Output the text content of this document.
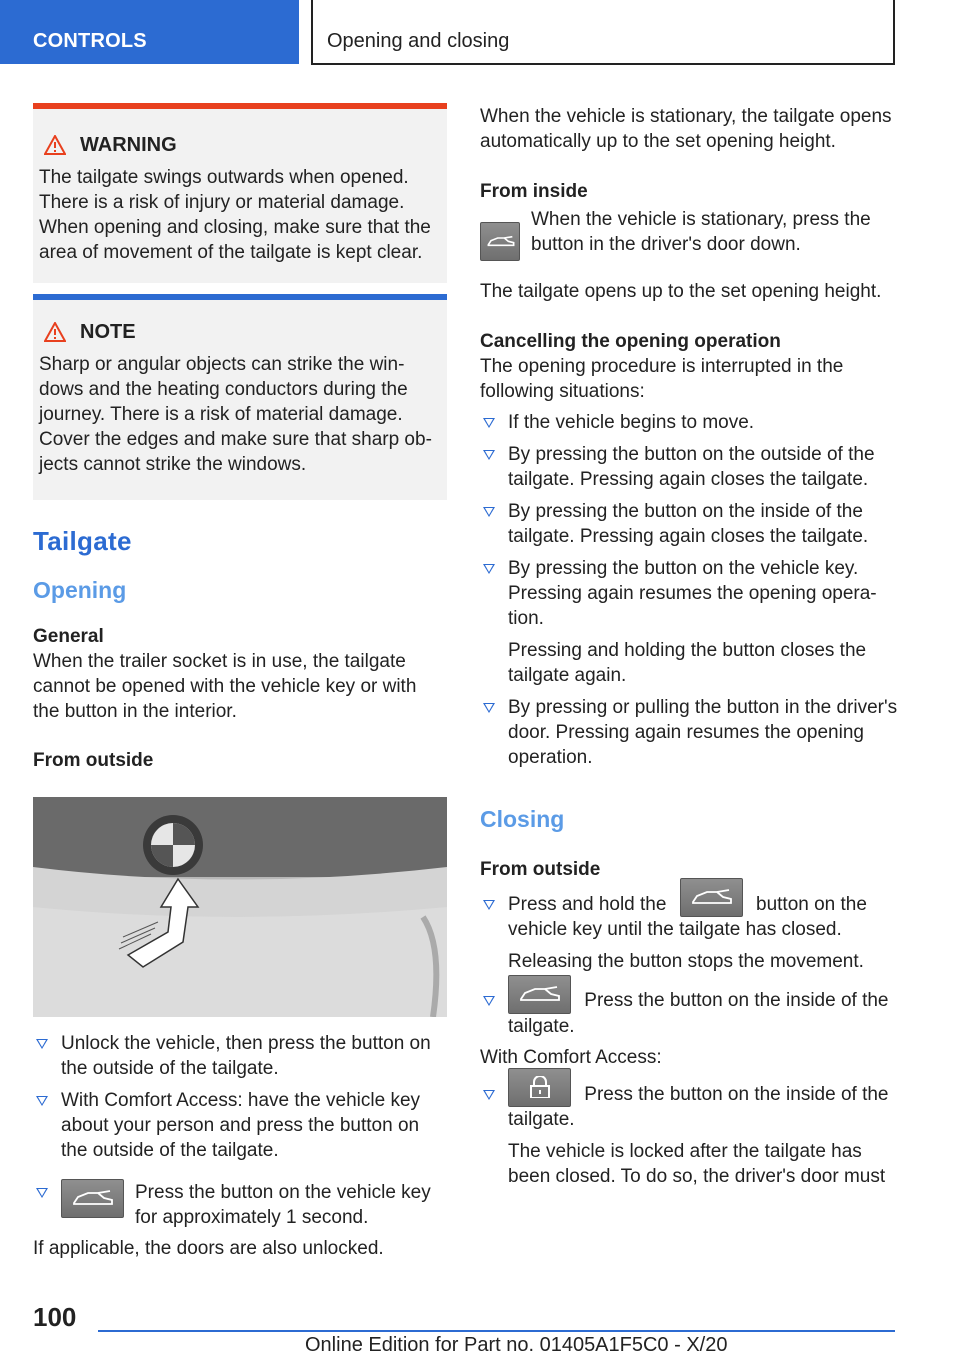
CONTROLS	Opening and closing
WARNING

The tailgate swings outwards when opened. There is a risk of injury or material damage. When opening and closing, make sure that the area of movement of the tailgate is kept clear.

NOTE

Sharp or angular objects can strike the windows and the heating conductors during the journey. There is a risk of material damage. Cover the edges and make sure that sharp objects cannot strike the windows.

Tailgate
Opening
General

When the trailer socket is in use, the tailgate cannot be opened with the vehicle key or with the button in the interior.

From outside
Unlock the vehicle, then press the button on the outside of the tailgate.
With Comfort Access: have the vehicle key about your person and press the button on the outside of the tailgate.
Press the button on the vehicle key for approximately 1 second.

If applicable, the doors are also unlocked.

When the vehicle is stationary, the tailgate opens automatically up to the set opening height.

From inside

When the vehicle is stationary, press the button in the driver's door down.

The tailgate opens up to the set opening height.

Cancelling the opening operation

The opening procedure is interrupted in the following situations:

If the vehicle begins to move.
By pressing the button on the outside of the tailgate. Pressing again closes the tailgate.
By pressing the button on the inside of the tailgate. Pressing again closes the tailgate.
By pressing the button on the vehicle key. Pressing again resumes the opening operation.

Pressing and holding the button closes the tailgate again.

By pressing or pulling the button in the driver's door. Pressing again resumes the opening operation.
Closing
From outside
Press and hold the	button on the vehicle key until the tailgate has closed.

Releasing the button stops the movement.

Press the button on the inside of the tailgate.

With Comfort Access:

Press the button on the inside of the tailgate.

The vehicle is locked after the tailgate has been closed. To do so, the driver's door must

100
Online Edition for Part no. 01405A1F5C0 - X/20
